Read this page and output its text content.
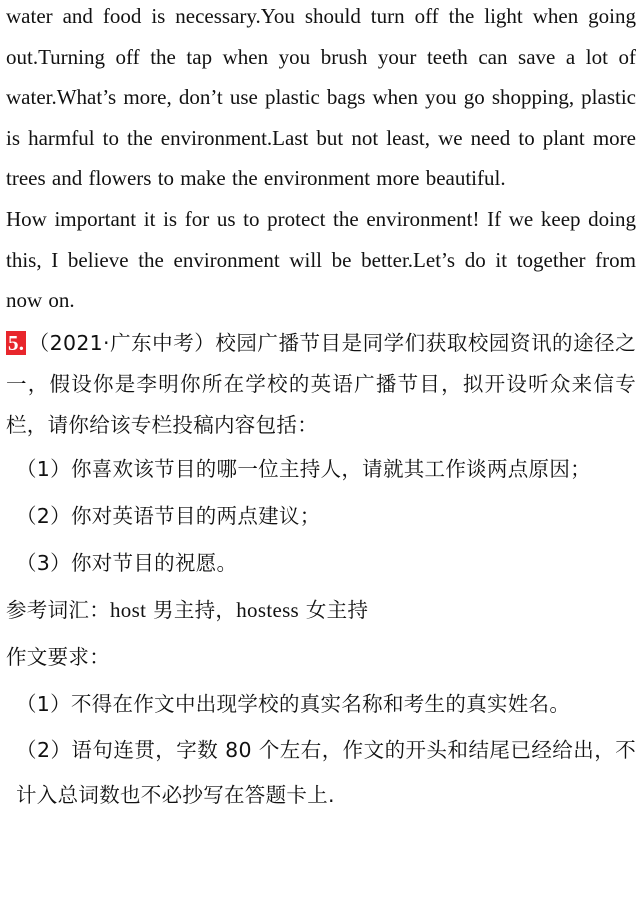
water and food is necessary.You should turn off the light when going out.Turning off the tap when you brush your teeth can save a lot of water.What’s more, don’t use plastic bags when you go shopping, plastic is harmful to the environment.Last but not least, we need to plant more trees and flowers to make the environment more beautiful.

How important it is for us to protect the environment! If we keep doing this, I believe the environment will be better.Let’s do it together from now on.

5. （2021·广东中考）校园广播节目是同学们获取校园资讯的途径之一，假设你是李明你所在学校的英语广播节目，拟开设听众来信专栏，请你给该专栏投稿内容包括：

（1）你喜欢该节目的哪一位主持人，请就其工作谈两点原因；

（2）你对英语节目的两点建议；

（3）你对节目的祝愿。

参考词汇：host 男主持，hostess 女主持

作文要求：

（1）不得在作文中出现学校的真实名称和考生的真实姓名。

（2）语句连贯，字数 80 个左右，作文的开头和结尾已经给出，不计入总词数也不必抄写在答题卡上.
